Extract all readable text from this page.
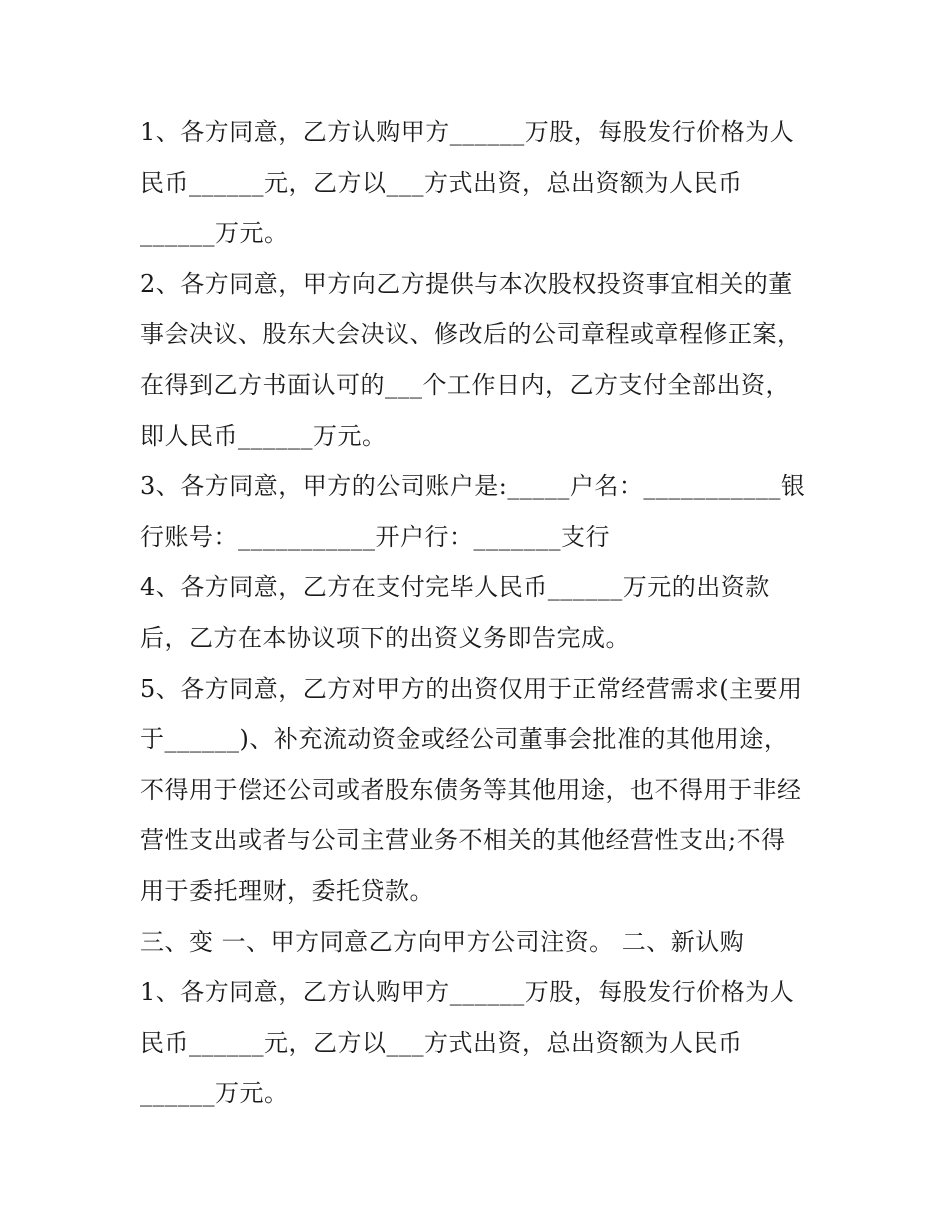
1、各方同意，乙方认购甲方______万股，每股发行价格为人
民币______元，乙方以___方式出资，总出资额为人民币
______万元。
2、各方同意，甲方向乙方提供与本次股权投资事宜相关的董
事会决议、股东大会决议、修改后的公司章程或章程修正案，
在得到乙方书面认可的___个工作日内，乙方支付全部出资，
即人民币______万元。
3、各方同意，甲方的公司账户是:_____户名：___________银
行账号：___________开户行：_______支行
4、各方同意，乙方在支付完毕人民币______万元的出资款
后，乙方在本协议项下的出资义务即告完成。
5、各方同意，乙方对甲方的出资仅用于正常经营需求(主要用
于______)、补充流动资金或经公司董事会批准的其他用途，
不得用于偿还公司或者股东债务等其他用途，也不得用于非经
营性支出或者与公司主营业务不相关的其他经营性支出;不得
用于委托理财，委托贷款。
三、变 一、甲方同意乙方向甲方公司注资。 二、新认购
1、各方同意，乙方认购甲方______万股，每股发行价格为人
民币______元，乙方以___方式出资，总出资额为人民币
______万元。
